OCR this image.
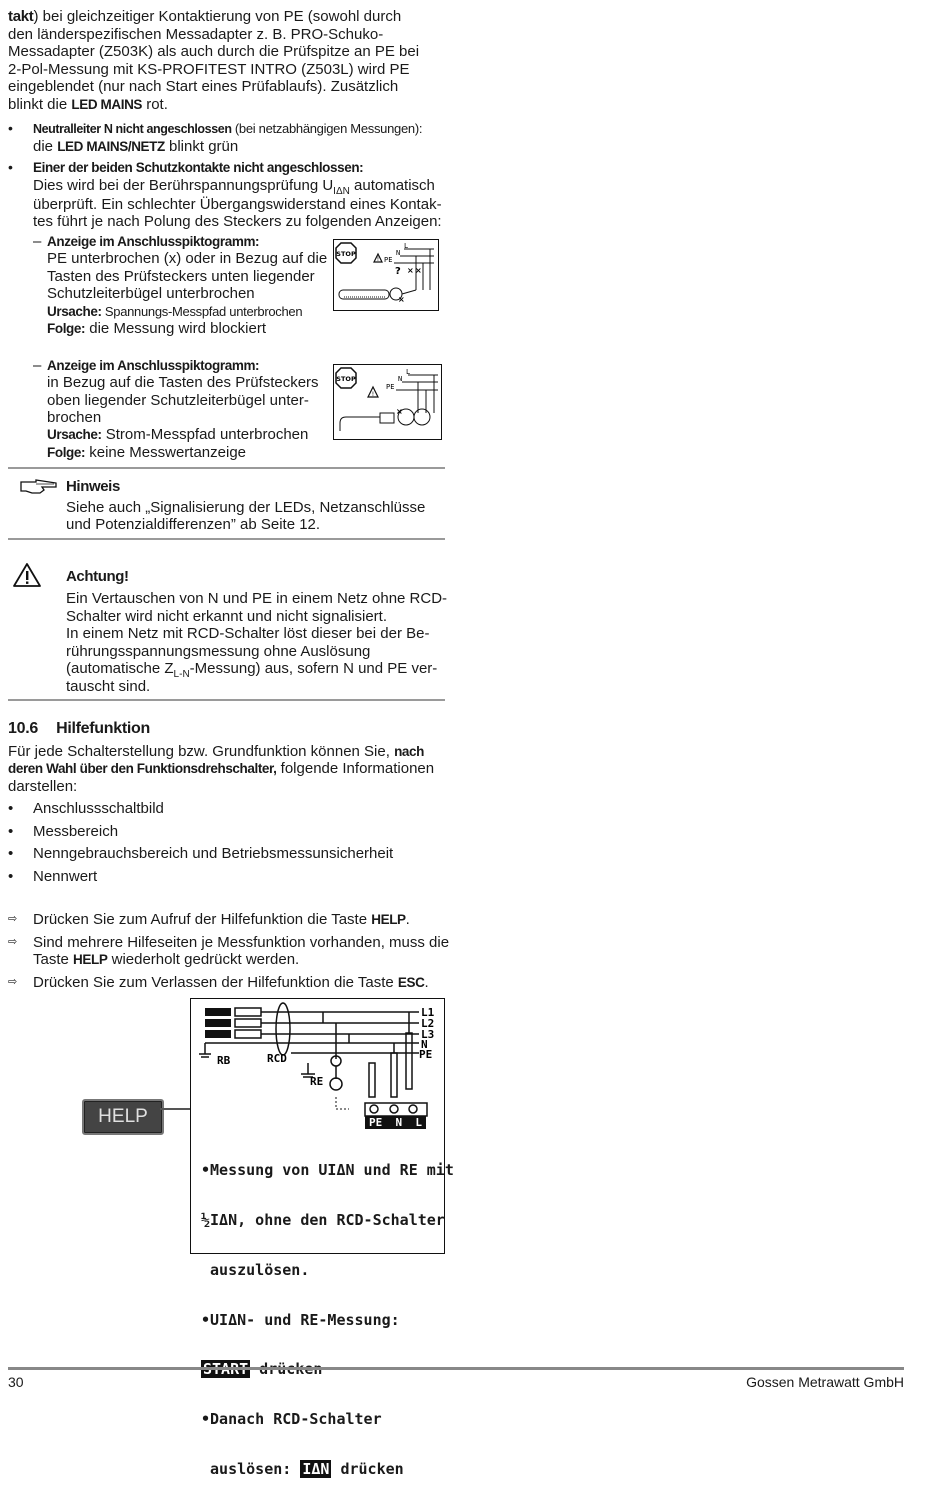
takt) bei gleichzeitiger Kontaktierung von PE (sowohl durch
den länderspezifischen Messadapter z. B. PRO-Schuko-
Messadapter (Z503K) als auch durch die Prüfspitze an PE bei
2-Pol-Messung mit KS-PROFITEST INTRO (Z503L) wird PE
eingeblendet (nur nach Start eines Prüfablaufs). Zusätzlich
blinkt die LED MAINS rot.
• Neutralleiter N nicht angeschlossen (bei netzabhängigen Messungen):
die LED MAINS/NETZ blinkt grün
• Einer der beiden Schutzkontakte nicht angeschlossen:
Dies wird bei der Berührspannungsprüfung $U_{I\Delta N}$ automatisch
überprüft. Ein schlechter Übergangswiderstand eines Kontak-
tes führt je nach Polung des Steckers zu folgenden Anzeigen:
– Anzeige im Anschlusspiktogramm:
PE unterbrochen (x) oder in Bezug auf die
Tasten des Prüfsteckers unten liegender
Schutzleiterbügel unterbrochen
Ursache: Spannungs-Messpfad unterbrochen
Folge: die Messung wird blockiert
STOP
!
L
N
PE
? × ×
×
– Anzeige im Anschlusspiktogramm:
in Bezug auf die Tasten des Prüfsteckers
oben liegender Schutzleiterbügel unter-
brochen
Ursache: Strom-Messpfad unterbrochen
Folge: keine Messwertanzeige
STOP
!
L
N
PE
×
Hinweis
Siehe auch „Signalisierung der LEDs, Netzanschlüsse
und Potenzialdifferenzen” ab Seite 12.
Achtung!
Ein Vertauschen von N und PE in einem Netz ohne RCD-
Schalter wird nicht erkannt und nicht signalisiert.
In einem Netz mit RCD-Schalter löst dieser bei der Be-
rührungsspannungsmessung ohne Auslösung
(automatische $Z_{L-N}-Messung$) aus, sofern N und PE ver-
tauscht sind.
10.6 Hilfefunktion
Für jede Schalterstellung bzw. Grundfunktion können Sie, nach
deren Wahl über den Funktionsdrehschalter, folgende Informationen
darstellen:
• Anschlussschaltbild
• Messbereich
• Nenngebrauchsbereich und Betriebsmessunsicherheit
• Nennwert
⇨ Drücken Sie zum Aufruf der Hilfefunktion die Taste HELP.
⇨ Sind mehrere Hilfeseiten je Messfunktion vorhanden, muss die
Taste HELP wiederholt gedrückt werden.
⇨ Drücken Sie zum Verlassen der Hilfefunktion die Taste ESC.
HELP
L1
L2
L3
N
PE
RB	RCD
RE
PE  N  L

•Messung von UIΔN und RE mit

½IΔN, ohne den RCD-Schalter

auszulösen.

•UIΔN- und RE-Messung:

•Danach RCD-Schalter

auslösen: IΔN drücken

30	Gossen Metrawatt GmbH
